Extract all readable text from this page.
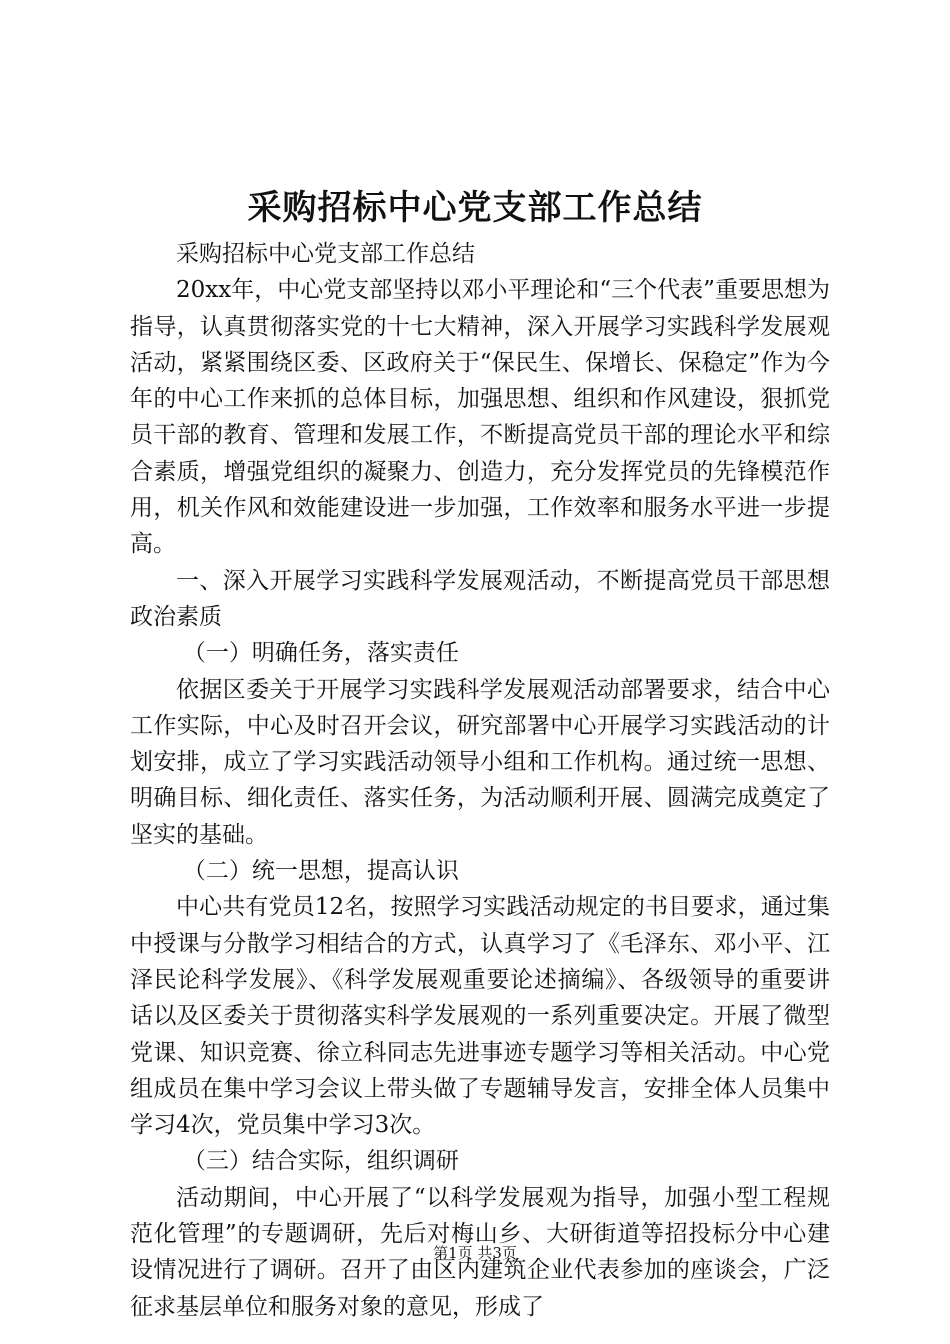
采购招标中心党支部工作总结

采购招标中心党支部工作总结

20xx年，中心党支部坚持以邓小平理论和“三个代表”重要思想为指导，认真贯彻落实党的十七大精神，深入开展学习实践科学发展观活动，紧紧围绕区委、区政府关于“保民生、保增长、保稳定”作为今年的中心工作来抓的总体目标，加强思想、组织和作风建设，狠抓党员干部的教育、管理和发展工作，不断提高党员干部的理论水平和综合素质，增强党组织的凝聚力、创造力，充分发挥党员的先锋模范作用，机关作风和效能建设进一步加强，工作效率和服务水平进一步提高。

一、深入开展学习实践科学发展观活动，不断提高党员干部思想政治素质

（一）明确任务，落实责任

依据区委关于开展学习实践科学发展观活动部署要求，结合中心工作实际，中心及时召开会议，研究部署中心开展学习实践活动的计划安排，成立了学习实践活动领导小组和工作机构。通过统一思想、明确目标、细化责任、落实任务，为活动顺利开展、圆满完成奠定了坚实的基础。

（二）统一思想，提高认识

中心共有党员12名，按照学习实践活动规定的书目要求，通过集中授课与分散学习相结合的方式，认真学习了《毛泽东、邓小平、江泽民论科学发展》、《科学发展观重要论述摘编》、各级领导的重要讲话以及区委关于贯彻落实科学发展观的一系列重要决定。开展了微型党课、知识竞赛、徐立科同志先进事迹专题学习等相关活动。中心党组成员在集中学习会议上带头做了专题辅导发言，安排全体人员集中学习4次，党员集中学习3次。

（三）结合实际，组织调研

活动期间，中心开展了“以科学发展观为指导，加强小型工程规范化管理”的专题调研，先后对梅山乡、大研街道等招投标分中心建设情况进行了调研。召开了由区内建筑企业代表参加的座谈会，广泛征求基层单位和服务对象的意见，形成了

第1页 共3页
